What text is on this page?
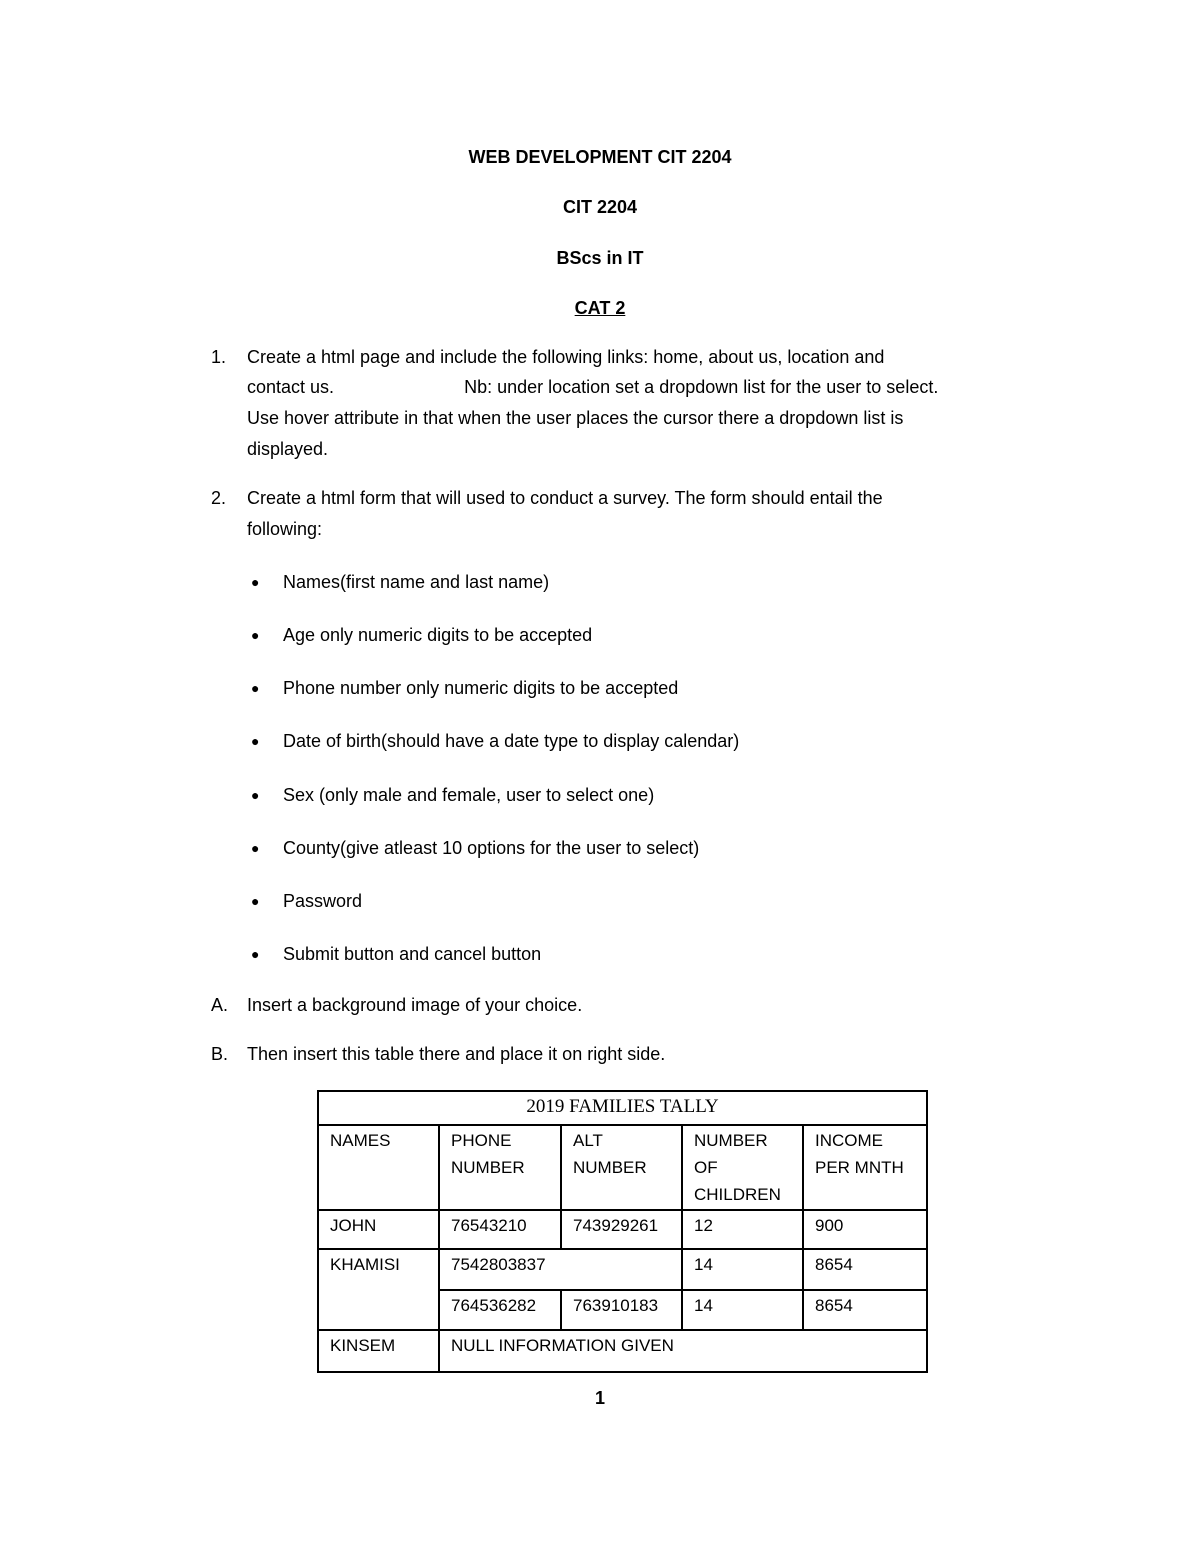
WEB DEVELOPMENT CIT 2204
CIT 2204
BScs in IT
CAT 2
1. Create a html page and include the following links: home, about us, location and
contact us.                          Nb: under location set a dropdown list for the user to select.
Use hover attribute in that when the user places the cursor there a dropdown list is
displayed.
2. Create a html form that will used to conduct a survey. The form should entail the
following:
● Names(first name and last name)
● Age only numeric digits to be accepted
● Phone number only numeric digits to be accepted
● Date of birth(should have a date type to display calendar)
● Sex (only male and female, user to select one)
● County(give atleast 10 options for the user to select)
● Password
● Submit button and cancel button
A. Insert a background image of your choice.
B. Then insert this table there and place it on right side.
2019 FAMILIES TALLY				
NAMES	PHONE NUMBER	ALT NUMBER	NUMBER OF CHILDREN	INCOME PER MNTH
JOHN	76543210	743929261	12	900
KHAMISI	7542803837		14	8654
	764536282	763910183	14	8654
KINSEM	NULL INFORMATION GIVEN			
1
